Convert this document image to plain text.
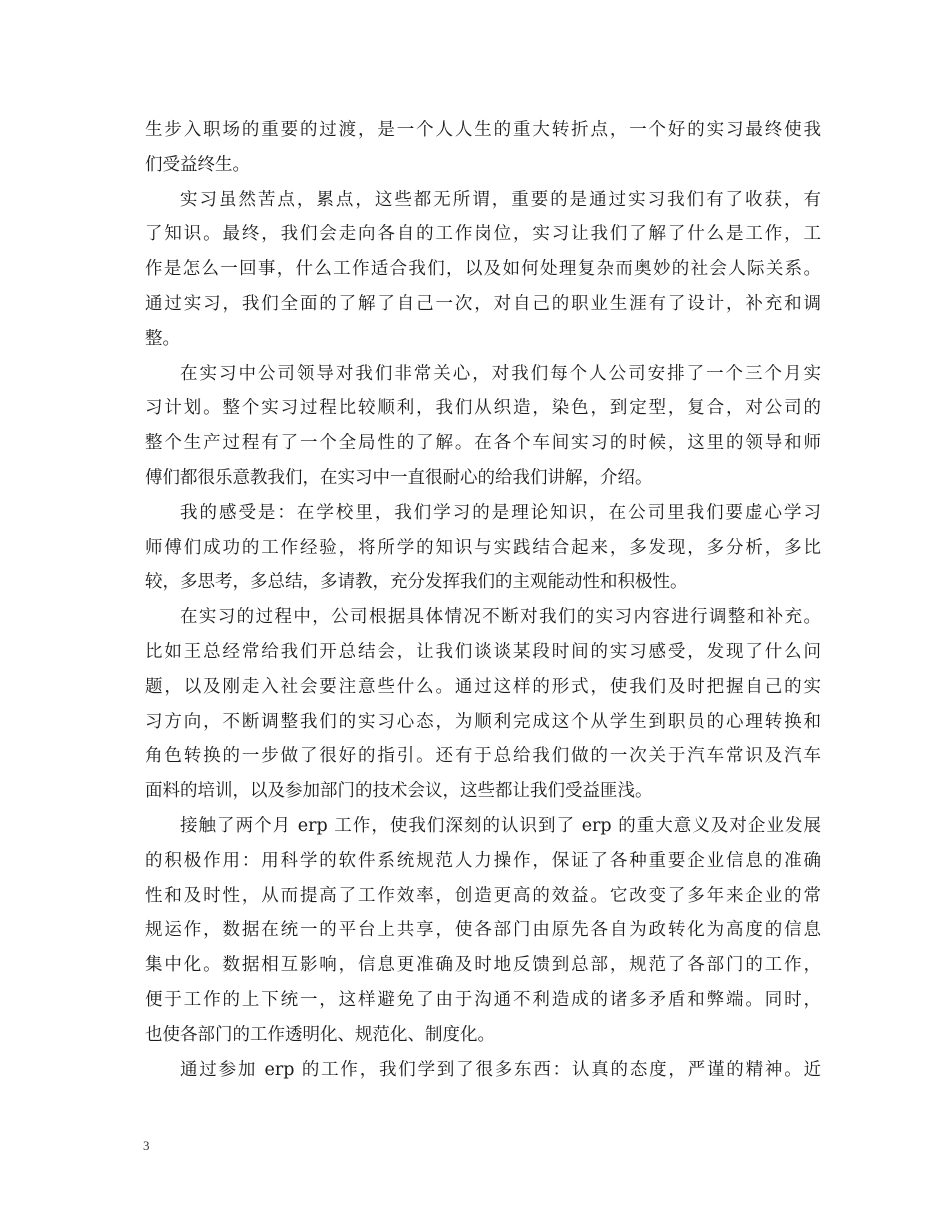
生步入职场的重要的过渡，是一个人人生的重大转折点，一个好的实习最终使我
们受益终生。
实习虽然苦点，累点，这些都无所谓，重要的是通过实习我们有了收获，有
了知识。最终，我们会走向各自的工作岗位，实习让我们了解了什么是工作，工
作是怎么一回事，什么工作适合我们，以及如何处理复杂而奥妙的社会人际关系。
通过实习，我们全面的了解了自己一次，对自己的职业生涯有了设计，补充和调
整。
在实习中公司领导对我们非常关心，对我们每个人公司安排了一个三个月实
习计划。整个实习过程比较顺利，我们从织造，染色，到定型，复合，对公司的
整个生产过程有了一个全局性的了解。在各个车间实习的时候，这里的领导和师
傅们都很乐意教我们，在实习中一直很耐心的给我们讲解，介绍。
我的感受是：在学校里，我们学习的是理论知识，在公司里我们要虚心学习
师傅们成功的工作经验，将所学的知识与实践结合起来，多发现，多分析，多比
较，多思考，多总结，多请教，充分发挥我们的主观能动性和积极性。
在实习的过程中，公司根据具体情况不断对我们的实习内容进行调整和补充。
比如王总经常给我们开总结会，让我们谈谈某段时间的实习感受，发现了什么问
题，以及刚走入社会要注意些什么。通过这样的形式，使我们及时把握自己的实
习方向，不断调整我们的实习心态，为顺利完成这个从学生到职员的心理转换和
角色转换的一步做了很好的指引。还有于总给我们做的一次关于汽车常识及汽车
面料的培训，以及参加部门的技术会议，这些都让我们受益匪浅。
接触了两个月 erp 工作，使我们深刻的认识到了 erp 的重大意义及对企业发展
的积极作用：用科学的软件系统规范人力操作，保证了各种重要企业信息的准确
性和及时性，从而提高了工作效率，创造更高的效益。它改变了多年来企业的常
规运作，数据在统一的平台上共享，使各部门由原先各自为政转化为高度的信息
集中化。数据相互影响，信息更准确及时地反馈到总部，规范了各部门的工作，
便于工作的上下统一，这样避免了由于沟通不利造成的诸多矛盾和弊端。同时，
也使各部门的工作透明化、规范化、制度化。
通过参加 erp 的工作，我们学到了很多东西：认真的态度，严谨的精神。近
3
